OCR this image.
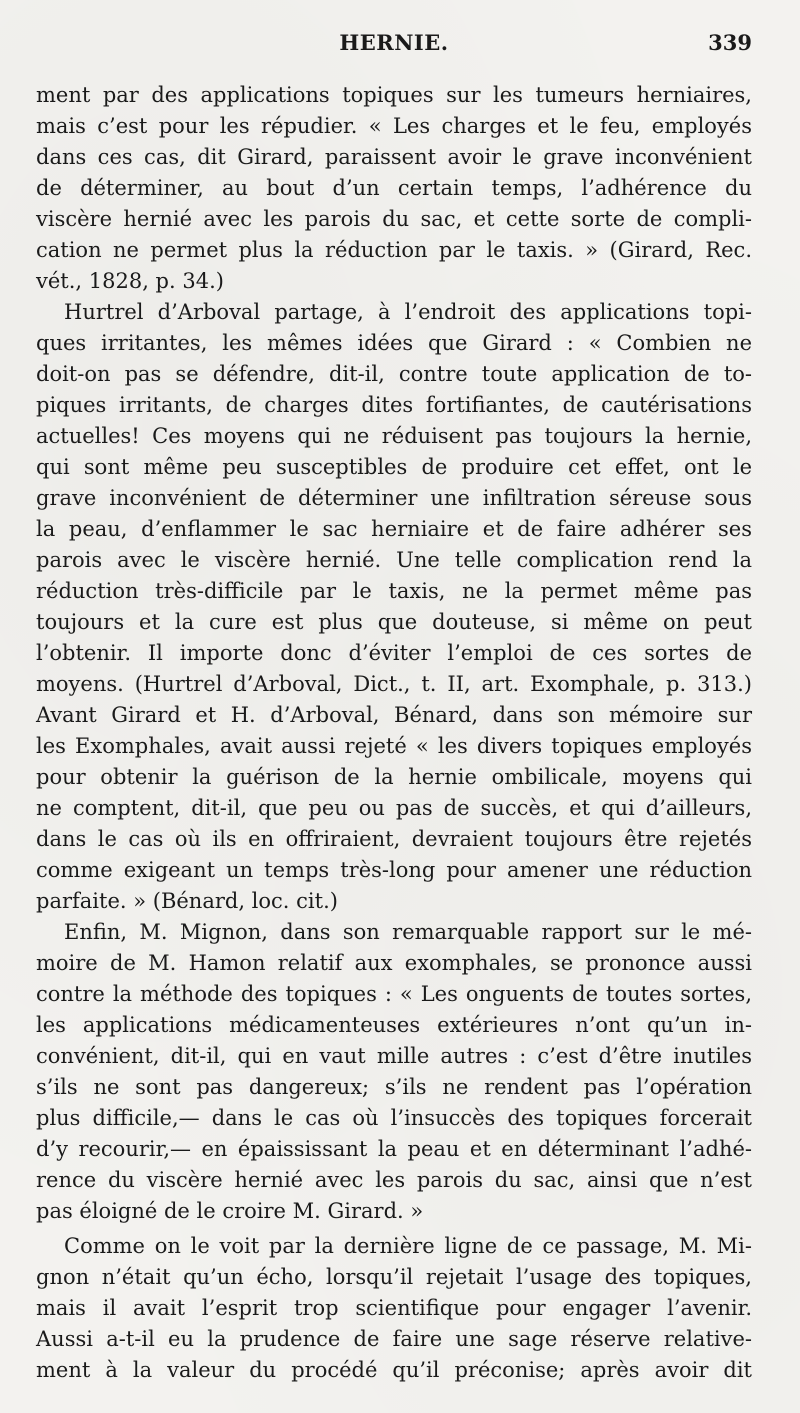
HERNIE.	339
ment par des applications topiques sur les tumeurs herniaires,
mais c’est pour les répudier. « Les charges et le feu, employés
dans ces cas, dit Girard, paraissent avoir le grave inconvénient
de déterminer, au bout d’un certain temps, l’adhérence du
viscère hernié avec les parois du sac, et cette sorte de compli-
cation ne permet plus la réduction par le taxis. » (Girard, Rec.
vét., 1828, p. 34.)
Hurtrel d’Arboval partage, à l’endroit des applications topi-
ques irritantes, les mêmes idées que Girard : « Combien ne
doit-on pas se défendre, dit-il, contre toute application de to-
piques irritants, de charges dites fortifiantes, de cautérisations
actuelles! Ces moyens qui ne réduisent pas toujours la hernie,
qui sont même peu susceptibles de produire cet effet, ont le
grave inconvénient de déterminer une infiltration séreuse sous
la peau, d’enflammer le sac herniaire et de faire adhérer ses
parois avec le viscère hernié. Une telle complication rend la
réduction très-difficile par le taxis, ne la permet même pas
toujours et la cure est plus que douteuse, si même on peut
l’obtenir. Il importe donc d’éviter l’emploi de ces sortes de
moyens. (Hurtrel d’Arboval, Dict., t. II, art. Exomphale, p. 313.)
Avant Girard et H. d’Arboval, Bénard, dans son mémoire sur
les Exomphales, avait aussi rejeté « les divers topiques employés
pour obtenir la guérison de la hernie ombilicale, moyens qui
ne comptent, dit-il, que peu ou pas de succès, et qui d’ailleurs,
dans le cas où ils en offriraient, devraient toujours être rejetés
comme exigeant un temps très-long pour amener une réduction
parfaite. » (Bénard, loc. cit.)
Enfin, M. Mignon, dans son remarquable rapport sur le mé-
moire de M. Hamon relatif aux exomphales, se prononce aussi
contre la méthode des topiques : « Les onguents de toutes sortes,
les applications médicamenteuses extérieures n’ont qu’un in-
convénient, dit-il, qui en vaut mille autres : c’est d’être inutiles
s’ils ne sont pas dangereux; s’ils ne rendent pas l’opération
plus difficile,— dans le cas où l’insuccès des topiques forcerait
d’y recourir,— en épaississant la peau et en déterminant l’adhé-
rence du viscère hernié avec les parois du sac, ainsi que n’est
pas éloigné de le croire M. Girard. »
Comme on le voit par la dernière ligne de ce passage, M. Mi-
gnon n’était qu’un écho, lorsqu’il rejetait l’usage des topiques,
mais il avait l’esprit trop scientifique pour engager l’avenir.
Aussi a-t-il eu la prudence de faire une sage réserve relative-
ment à la valeur du procédé qu’il préconise; après avoir dit
